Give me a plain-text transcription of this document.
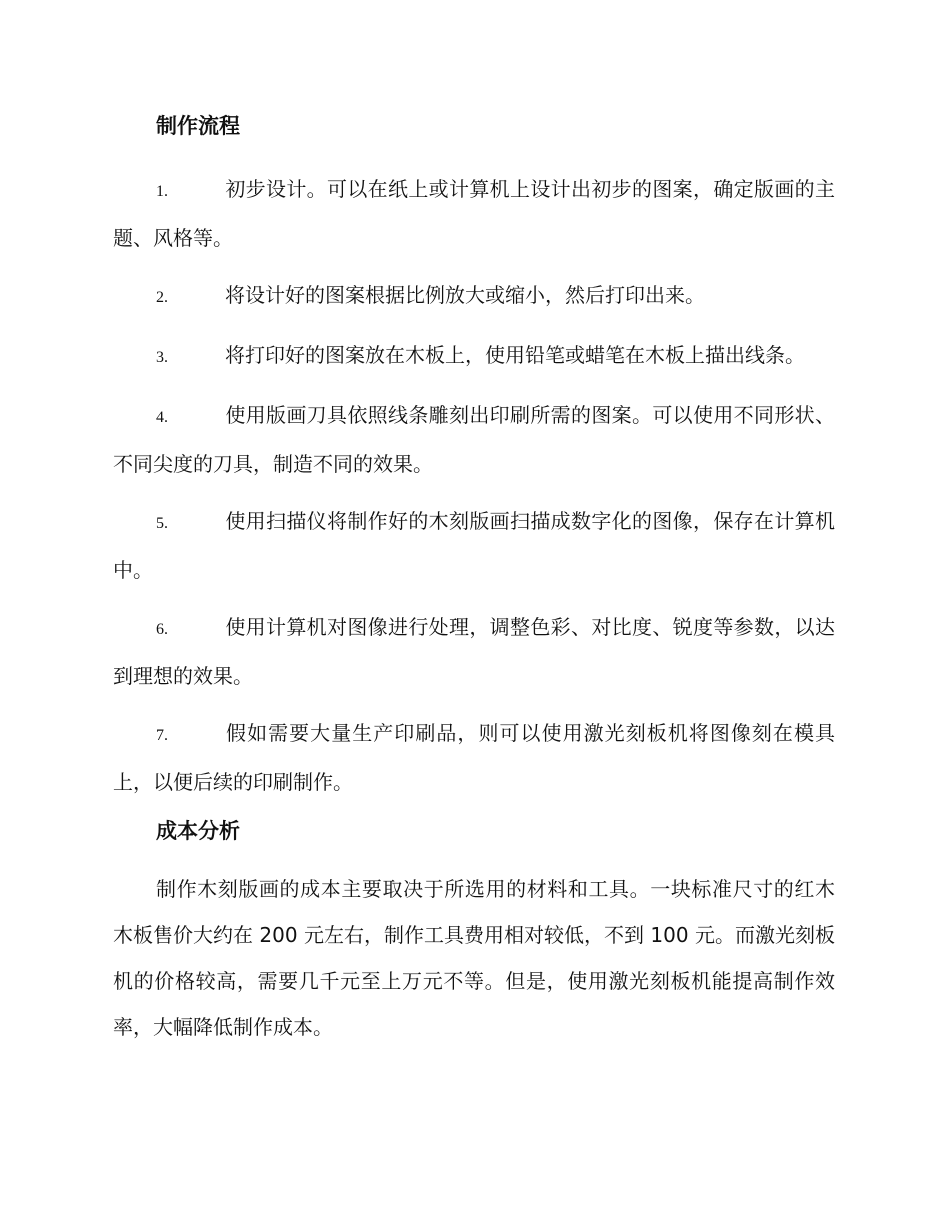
制作流程

1.	初步设计。可以在纸上或计算机上设计出初步的图案，确定版画的主题、风格等。

2.	将设计好的图案根据比例放大或缩小，然后打印出来。

3.	将打印好的图案放在木板上，使用铅笔或蜡笔在木板上描出线条。

4.	使用版画刀具依照线条雕刻出印刷所需的图案。可以使用不同形状、不同尖度的刀具，制造不同的效果。

5.	使用扫描仪将制作好的木刻版画扫描成数字化的图像，保存在计算机中。

6.	使用计算机对图像进行处理，调整色彩、对比度、锐度等参数，以达到理想的效果。

7.	假如需要大量生产印刷品，则可以使用激光刻板机将图像刻在模具上，以便后续的印刷制作。

成本分析

制作木刻版画的成本主要取决于所选用的材料和工具。一块标准尺寸的红木木板售价大约在 200 元左右，制作工具费用相对较低，不到 100 元。而激光刻板机的价格较高，需要几千元至上万元不等。但是，使用激光刻板机能提高制作效率，大幅降低制作成本。
